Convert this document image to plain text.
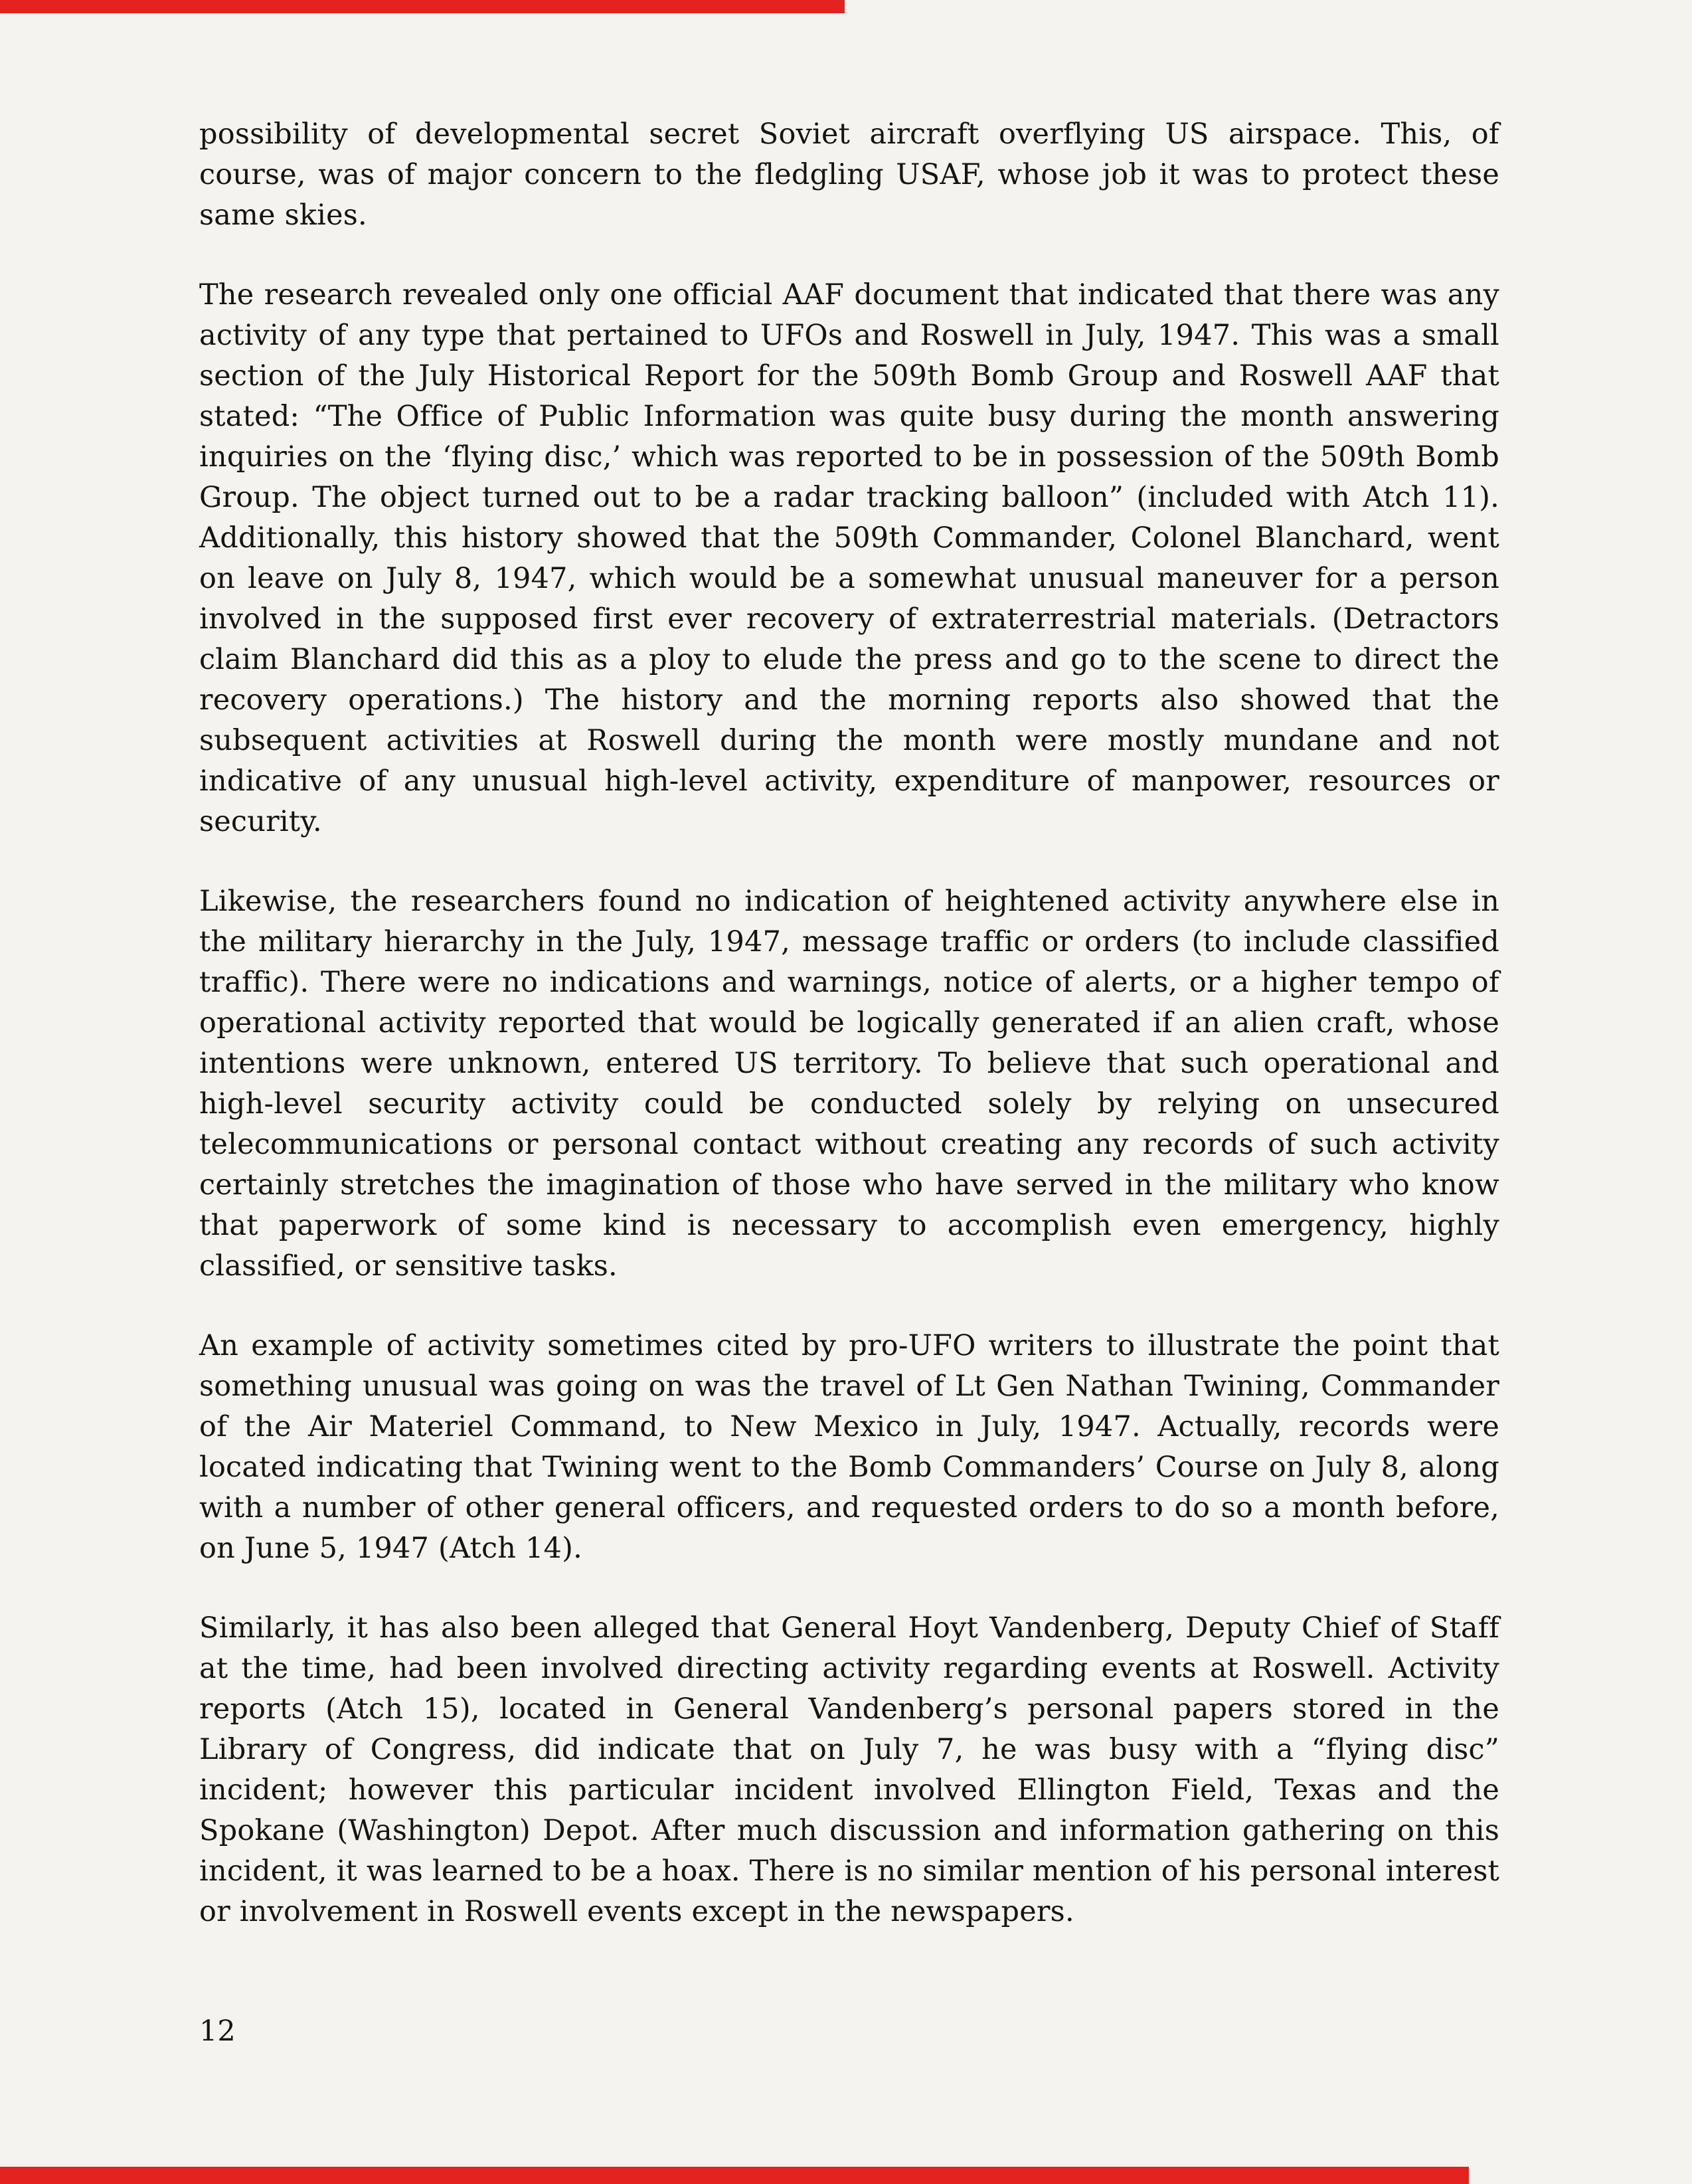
possibility of developmental secret Soviet aircraft overflying US airspace. This, of course, was of major concern to the fledgling USAF, whose job it was to protect these same skies.

The research revealed only one official AAF document that indicated that there was any activity of any type that pertained to UFOs and Roswell in July, 1947. This was a small section of the July Historical Report for the 509th Bomb Group and Roswell AAF that stated: “The Office of Public Information was quite busy during the month answering inquiries on the ‘flying disc,’ which was reported to be in possession of the 509th Bomb Group. The object turned out to be a radar tracking balloon” (included with Atch 11). Additionally, this history showed that the 509th Commander, Colonel Blanchard, went on leave on July 8, 1947, which would be a somewhat unusual maneuver for a person involved in the supposed first ever recovery of extraterrestrial materials. (Detractors claim Blanchard did this as a ploy to elude the press and go to the scene to direct the recovery operations.) The history and the morning reports also showed that the subsequent activities at Roswell during the month were mostly mundane and not indicative of any unusual high-level activity, expenditure of manpower, resources or security.

Likewise, the researchers found no indication of heightened activity anywhere else in the military hierarchy in the July, 1947, message traffic or orders (to include classified traffic). There were no indications and warnings, notice of alerts, or a higher tempo of operational activity reported that would be logically generated if an alien craft, whose intentions were unknown, entered US territory. To believe that such operational and high-level security activity could be conducted solely by relying on unsecured telecommunications or personal contact without creating any records of such activity certainly stretches the imagination of those who have served in the military who know that paperwork of some kind is necessary to accomplish even emergency, highly classified, or sensitive tasks.

An example of activity sometimes cited by pro-UFO writers to illustrate the point that something unusual was going on was the travel of Lt Gen Nathan Twining, Commander of the Air Materiel Command, to New Mexico in July, 1947. Actually, records were located indicating that Twining went to the Bomb Commanders’ Course on July 8, along with a number of other general officers, and requested orders to do so a month before, on June 5, 1947 (Atch 14).

Similarly, it has also been alleged that General Hoyt Vandenberg, Deputy Chief of Staff at the time, had been involved directing activity regarding events at Roswell. Activity reports (Atch 15), located in General Vandenberg’s personal papers stored in the Library of Congress, did indicate that on July 7, he was busy with a “flying disc” incident; however this particular incident involved Ellington Field, Texas and the Spokane (Washington) Depot. After much discussion and information gathering on this incident, it was learned to be a hoax. There is no similar mention of his personal interest or involvement in Roswell events except in the newspapers.

12
